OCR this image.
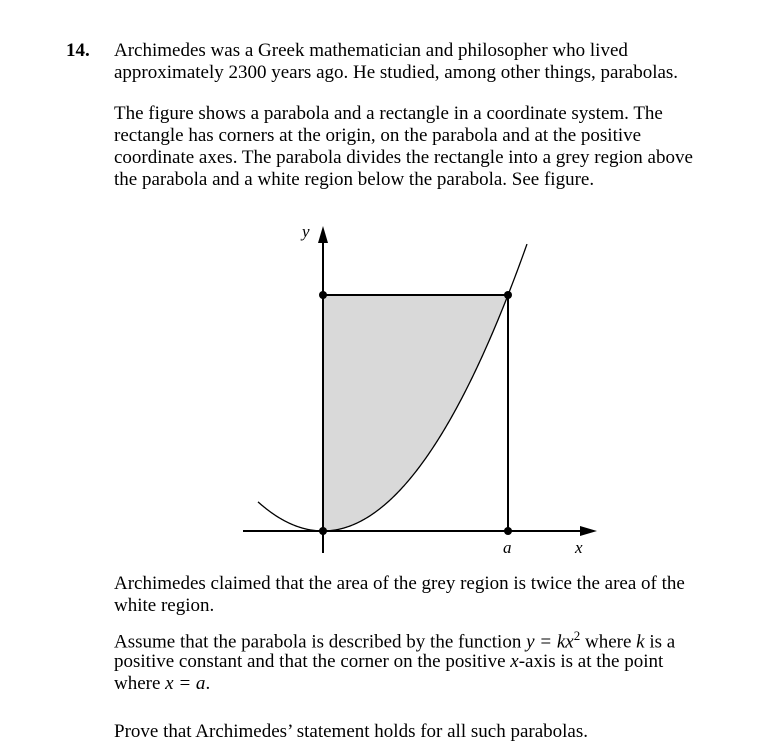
14. Archimedes was a Greek mathematician and philosopher who lived
approximately 2300 years ago. He studied, among other things, parabolas.
The figure shows a parabola and a rectangle in a coordinate system. The
rectangle has corners at the origin, on the parabola and at the positive
coordinate axes. The parabola divides the rectangle into a grey region above
the parabola and a white region below the parabola. See figure.
y
a	x
Archimedes claimed that the area of the grey region is twice the area of the
white region.
Assume that the parabola is described by the function $y = kx^2$ where k is a
positive constant and that the corner on the positive x-axis is at the point
where x = a.
Prove that Archimedes’ statement holds for all such parabolas.
